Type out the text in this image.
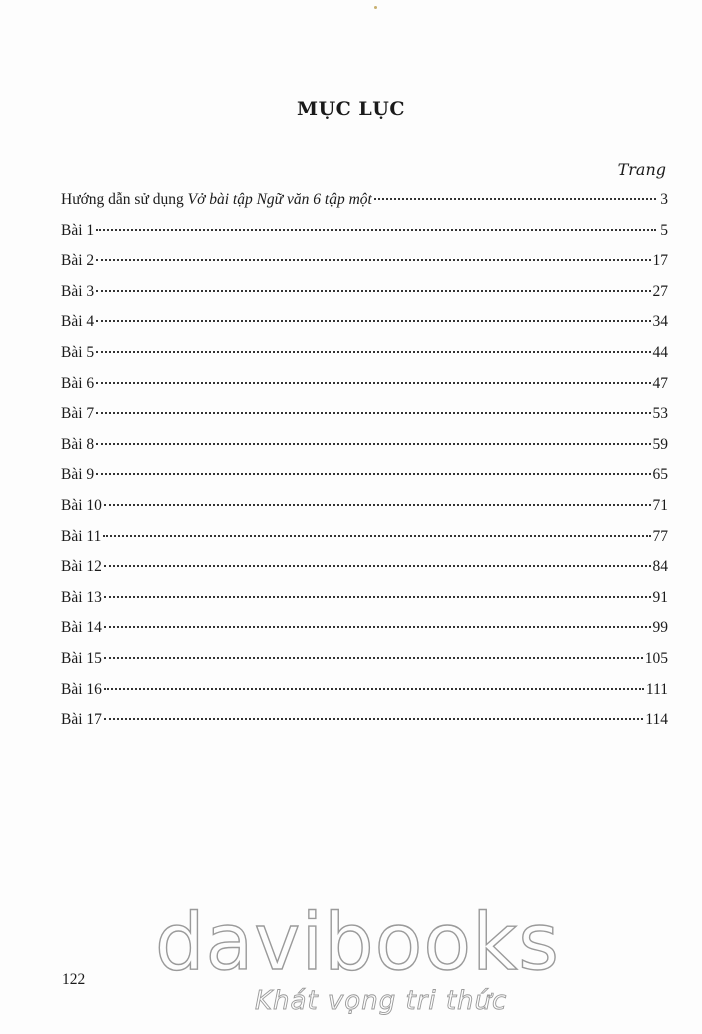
MỤC LỤC
Trang
Hướng dẫn sử dụng Vở bài tập Ngữ văn 6 tập một	3
Bài 1	5
Bài 2	17
Bài 3	27
Bài 4	34
Bài 5	44
Bài 6	47
Bài 7	53
Bài 8	59
Bài 9	65
Bài 10	71
Bài 11	77
Bài 12	84
Bài 13	91
Bài 14	99
Bài 15	105
Bài 16	111
Bài 17	114
122 davibooks
Khát vọng tri thức
